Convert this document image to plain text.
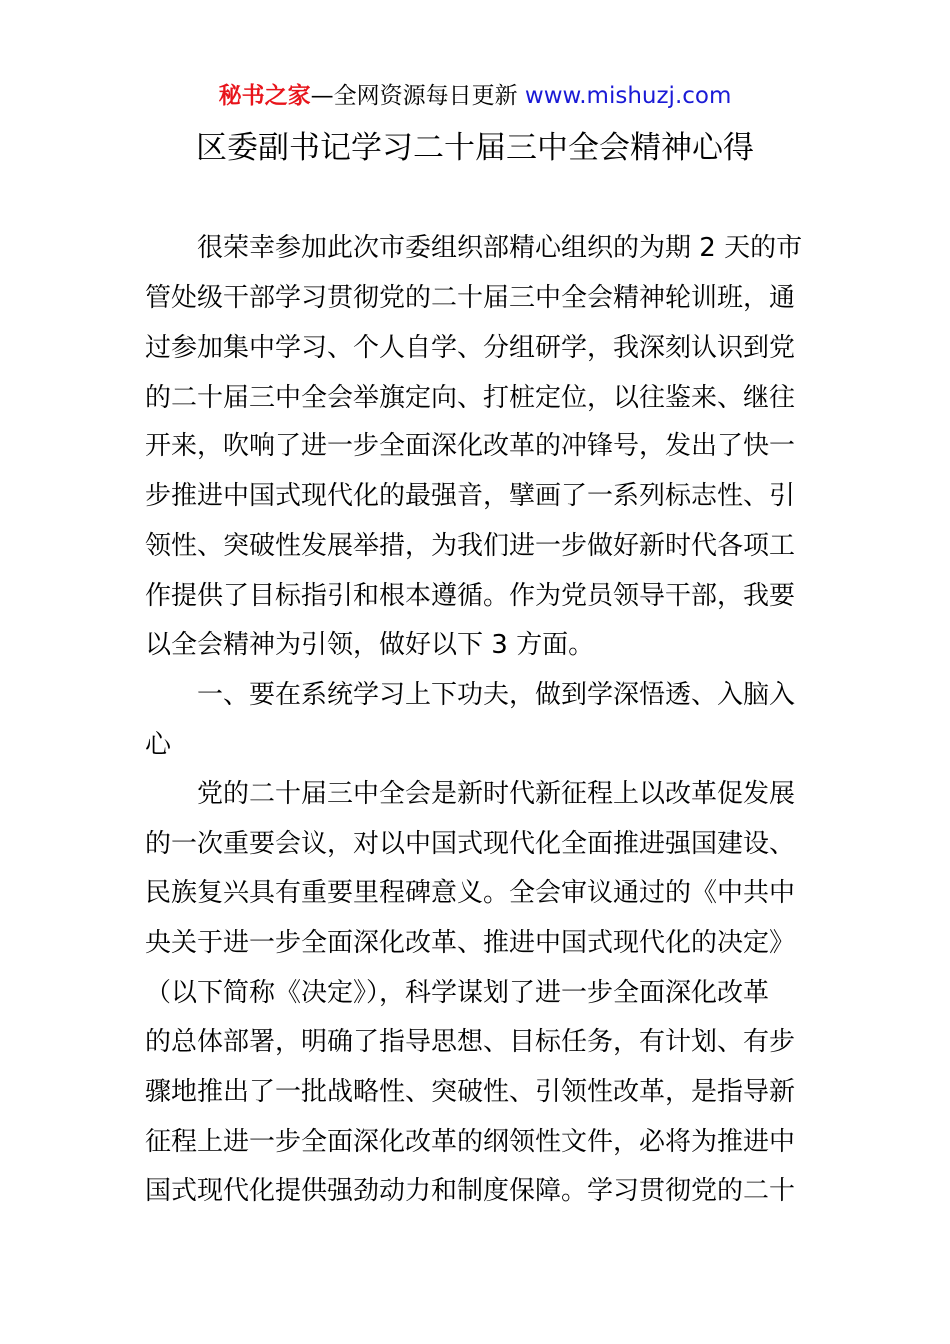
秘书之家—全网资源每日更新 www.mishuzj.com
区委副书记学习二十届三中全会精神心得
　　很荣幸参加此次市委组织部精心组织的为期 2 天的市
管处级干部学习贯彻党的二十届三中全会精神轮训班，通
过参加集中学习、个人自学、分组研学，我深刻认识到党
的二十届三中全会举旗定向、打桩定位，以往鉴来、继往
开来，吹响了进一步全面深化改革的冲锋号，发出了快一
步推进中国式现代化的最强音，擘画了一系列标志性、引
领性、突破性发展举措，为我们进一步做好新时代各项工
作提供了目标指引和根本遵循。作为党员领导干部，我要
以全会精神为引领，做好以下 3 方面。
　　一、要在系统学习上下功夫，做到学深悟透、入脑入
心
　　党的二十届三中全会是新时代新征程上以改革促发展
的一次重要会议，对以中国式现代化全面推进强国建设、
民族复兴具有重要里程碑意义。全会审议通过的《中共中
央关于进一步全面深化改革、推进中国式现代化的决定》
（以下简称《决定》），科学谋划了进一步全面深化改革
的总体部署，明确了指导思想、目标任务，有计划、有步
骤地推出了一批战略性、突破性、引领性改革，是指导新
征程上进一步全面深化改革的纲领性文件，必将为推进中
国式现代化提供强劲动力和制度保障。学习贯彻党的二十
